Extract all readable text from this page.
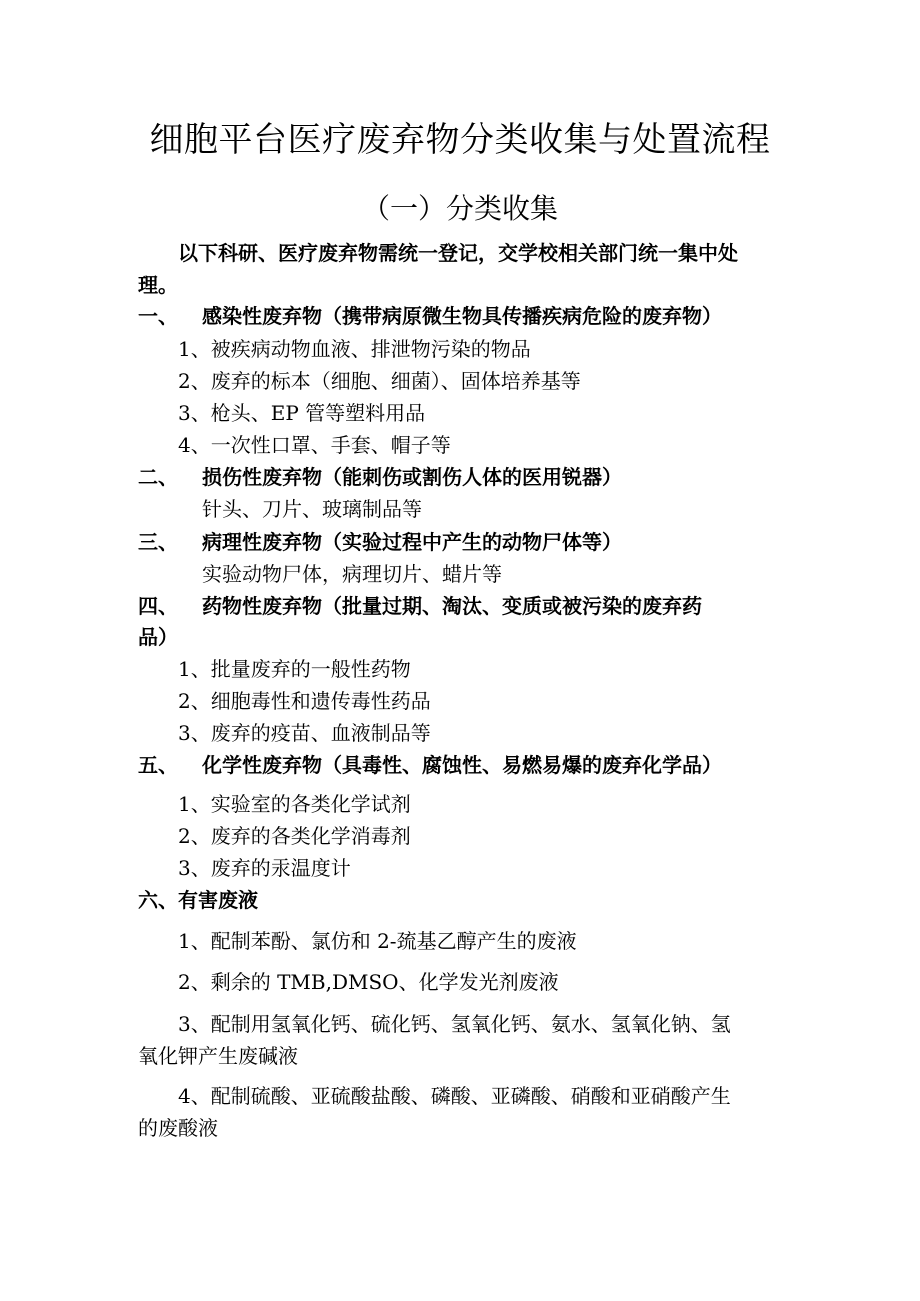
细胞平台医疗废弃物分类收集与处置流程
（一）分类收集
以下科研、医疗废弃物需统一登记，交学校相关部门统一集中处
理。
一、 感染性废弃物（携带病原微生物具传播疾病危险的废弃物）
1、被疾病动物血液、排泄物污染的物品
2、废弃的标本（细胞、细菌）、固体培养基等
3、枪头、EP 管等塑料用品
4、一次性口罩、手套、帽子等
二、 损伤性废弃物（能刺伤或割伤人体的医用锐器）
针头、刀片、玻璃制品等
三、 病理性废弃物（实验过程中产生的动物尸体等）
实验动物尸体，病理切片、蜡片等
四、 药物性废弃物（批量过期、淘汰、变质或被污染的废弃药
品）
1、批量废弃的一般性药物
2、细胞毒性和遗传毒性药品
3、废弃的疫苗、血液制品等
五、 化学性废弃物（具毒性、腐蚀性、易燃易爆的废弃化学品）
1、实验室的各类化学试剂
2、废弃的各类化学消毒剂
3、废弃的汞温度计
六、有害废液
1、配制苯酚、氯仿和 2-巯基乙醇产生的废液
2、剩余的 TMB,DMSO、化学发光剂废液
3、配制用氢氧化钙、硫化钙、氢氧化钙、氨水、氢氧化钠、氢
氧化钾产生废碱液
4、配制硫酸、亚硫酸盐酸、磷酸、亚磷酸、硝酸和亚硝酸产生
的废酸液
